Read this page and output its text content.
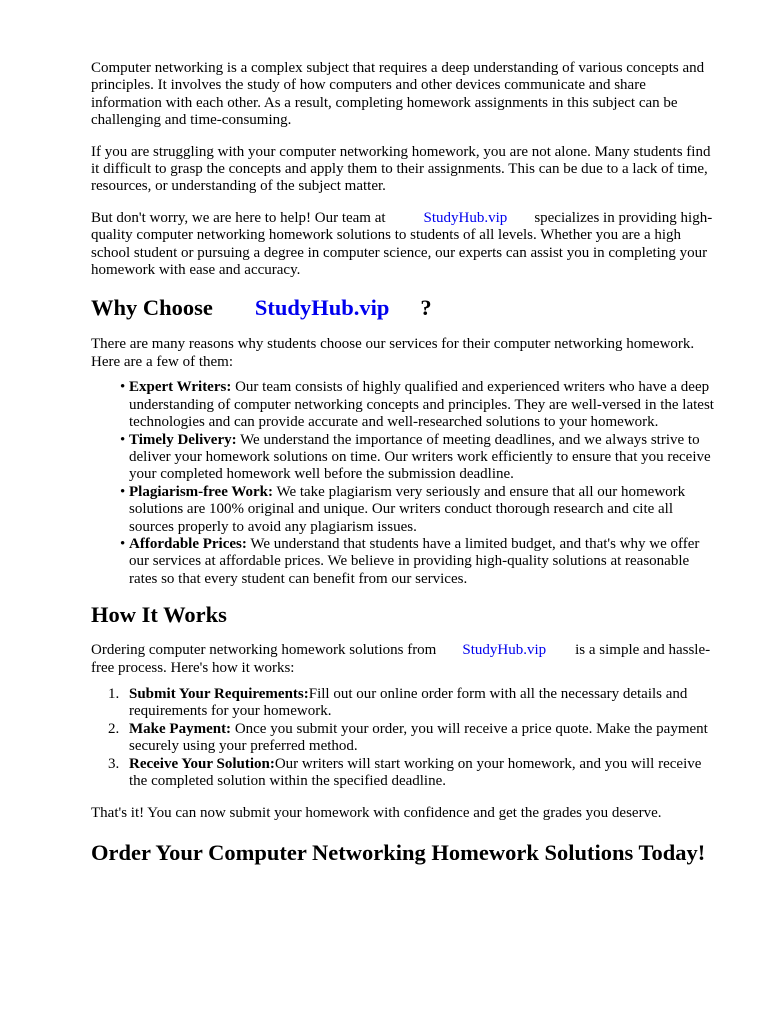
Computer networking is a complex subject that requires a deep understanding of various concepts and principles. It involves the study of how computers and other devices communicate and share information with each other. As a result, completing homework assignments in this subject can be challenging and time-consuming.

If you are struggling with your computer networking homework, you are not alone. Many students find it difficult to grasp the concepts and apply them to their assignments. This can be due to a lack of time, resources, or understanding of the subject matter.

But don't worry, we are here to help! Our team at	StudyHub.vip specializes in providing high-quality computer networking homework solutions to students of all levels. Whether you are a high school student or pursuing a degree in computer science, our experts can assist you in completing your homework with ease and accuracy.

Why Choose StudyHub.vip ?

There are many reasons why students choose our services for their computer networking homework. Here are a few of them:

• Expert Writers: Our team consists of highly qualified and experienced writers who have a deep understanding of computer networking concepts and principles. They are well-versed in the latest technologies and can provide accurate and well-researched solutions to your homework.
• Timely Delivery: We understand the importance of meeting deadlines, and we always strive to deliver your homework solutions on time. Our writers work efficiently to ensure that you receive your completed homework well before the submission deadline.
• Plagiarism-free Work: We take plagiarism very seriously and ensure that all our homework solutions are 100% original and unique. Our writers conduct thorough research and cite all sources properly to avoid any plagiarism issues.
• Affordable Prices: We understand that students have a limited budget, and that's why we offer our services at affordable prices. We believe in providing high-quality solutions at reasonable rates so that every student can benefit from our services.
How It Works

Ordering computer networking homework solutions from StudyHub.vip is a simple and hassle-free process. Here's how it works:

1. Submit Your Requirements:Fill out our online order form with all the necessary details and requirements for your homework.
2. Make Payment: Once you submit your order, you will receive a price quote. Make the payment securely using your preferred method.
3. Receive Your Solution:Our writers will start working on your homework, and you will receive the completed solution within the specified deadline.

That's it! You can now submit your homework with confidence and get the grades you deserve.

Order Your Computer Networking Homework Solutions Today!
